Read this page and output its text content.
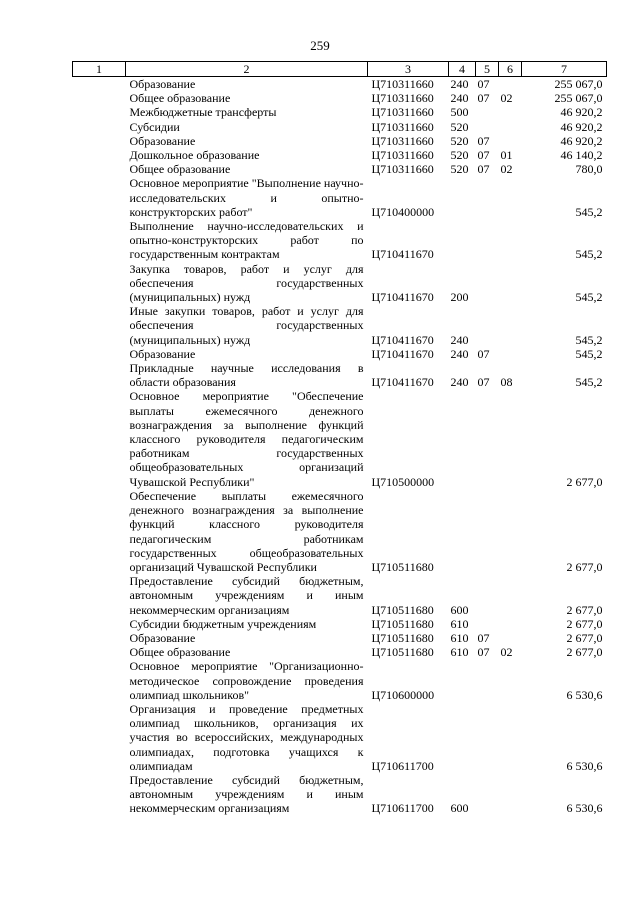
259
1	2	3	4	5	6	7
	Образование	Ц710311660	240	07		255 067,0
	Общее образование	Ц710311660	240	07	02	255 067,0
	Межбюджетные трансферты	Ц710311660	500			46 920,2
	Субсидии	Ц710311660	520			46 920,2
	Образование	Ц710311660	520	07		46 920,2
	Дошкольное образование	Ц710311660	520	07	01	46 140,2
	Общее образование	Ц710311660	520	07	02	780,0
	Основное мероприятие "Выполнение научно-исследовательских и опытно-конструкторских работ"	Ц710400000				545,2
	Выполнение научно-исследовательских и опытно-конструкторских работ по государственным контрактам	Ц710411670				545,2
	Закупка товаров, работ и услуг для обеспечения государственных (муниципальных) нужд	Ц710411670	200			545,2
	Иные закупки товаров, работ и услуг для обеспечения государственных (муниципальных) нужд	Ц710411670	240			545,2
	Образование	Ц710411670	240	07		545,2
	Прикладные научные исследования в области образования	Ц710411670	240	07	08	545,2
	Основное мероприятие "Обеспечение выплаты ежемесячного денежного вознаграждения за выполнение функций классного руководителя педагогическим работникам государственных общеобразовательных организаций Чувашской Республики"	Ц710500000				2 677,0
	Обеспечение выплаты ежемесячного денежного вознаграждения за выполнение функций классного руководителя педагогическим работникам государственных общеобразовательных организаций Чувашской Республики	Ц710511680				2 677,0
	Предоставление субсидий бюджетным, автономным учреждениям и иным некоммерческим организациям	Ц710511680	600			2 677,0
	Субсидии бюджетным учреждениям	Ц710511680	610			2 677,0
	Образование	Ц710511680	610	07		2 677,0
	Общее образование	Ц710511680	610	07	02	2 677,0
	Основное мероприятие "Организационно-методическое сопровождение проведения олимпиад школьников"	Ц710600000				6 530,6
	Организация и проведение предметных олимпиад школьников, организация их участия во всероссийских, международных олимпиадах, подготовка учащихся к олимпиадам	Ц710611700				6 530,6
	Предоставление субсидий бюджетным, автономным учреждениям и иным некоммерческим организациям	Ц710611700	600			6 530,6
